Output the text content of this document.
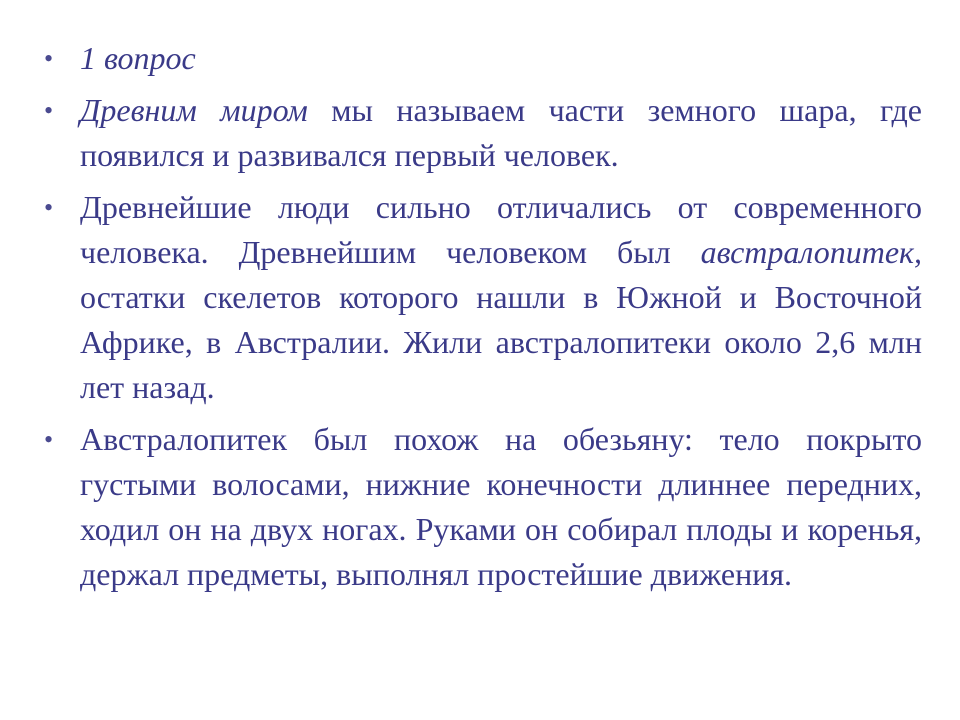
• 1 вопрос
• Древним миром мы называем части земного шара, где появился и развивался первый человек.
• Древнейшие люди сильно отличались от современного человека. Древнейшим человеком был австралопитек, остатки скелетов которого нашли в Южной и Восточной Африке, в Австралии. Жили австралопитеки около 2,6 млн лет назад.
• Австралопитек был похож на обезьяну: тело покрыто густыми волосами, нижние конечности длиннее передних, ходил он на двух ногах. Руками он собирал плоды и коренья, держал предметы, выполнял простейшие движения.
